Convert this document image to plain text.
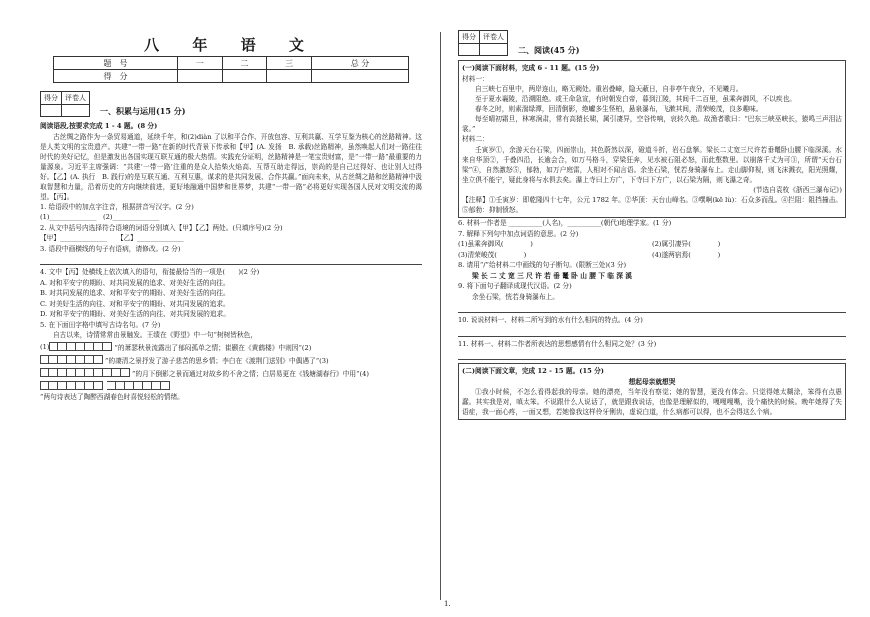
八 年 语 文
题　号	一	二	三	总 分
得　分				
得分	评卷人

一、积累与运用(15 分)

阅读语段,按要求完成 1 - 4 题。(8 分)

古丝绸之路作为一条贸易通道，延续千年，和(2)diàn 了以和平合作、开放包容、互利共赢、互学互鉴为核心的丝路精神。这是人类文明的宝贵遗产。共建“一带一路”在新的时代背景下传承和【甲】(A. 发扬　B. 承载)丝路精神，虽然唤起人们对一路往往时代的美好记忆，但是激发出各国实现互联互通的极大热情。实践充分证明，丝路精神是一笔宝贵财富，是“一带一路”最重要的力量源泉。习近平主席强调：“共建‘一带一路’注重的是众人拾柴火焰高、互帮互助走得远，崇尚的是自己过得好、也让别人过得好。【乙】(A. 执行　B. 践行)的是互联互通、互利互惠，谋求的是共同发展、合作共赢。”面向未来，从古丝绸之路和丝路精神中汲取智慧和力量，沿着历史的方向继续前进，更好地融通中国梦和世界梦，共建“一带一路”必将更好实现各国人民对文明交流的渴望。【丙】。

1. 给语段中的加点字注音，根据拼音写汉字。(2 分)

(1)______________　(2)______________

2. 从文中括号内选择符合语境的词语分别填入【甲】【乙】两处。(只填序号)(2 分)

【甲】______________　　【乙】______________

3. 语段中画横线的句子有语病，请修改。(2 分)

4. 文中【丙】处横线上依次填入的语句，衔接最恰当的一项是(　　)(2 分)

A. 对和平安宁的期盼、对共同发展的追求、对美好生活的向往。

B. 对共同发展的追求、对和平安宁的期盼、对美好生活的向往。

C. 对美好生活的向往、对和平安宁的期盼、对共同发展的追求。

D. 对和平安宁的期盼、对美好生活的向往、对共同发展的追求。

5. 在下面田字格中填写古诗名句。(7 分)

自古以来，诗情常常由景触发。王绩在《野望》中一句“树树皆秋色，

(1)	”的萧瑟秋景流露出了郁闷孤单之情；崔颢在《黄鹤楼》中则因“(2)
”的凄清之景抒发了游子悲苦的思乡情；李白在《渡荆门送别》中偶遇了“(3)
”的月下倒影之景而通过对故乡的不舍之情；白居易更在《钱塘湖春行》中用“(4)

”两句诗表达了陶醉西湖春色时喜悦轻松的情绪。

得分	评卷人

二、阅读(45 分)

(一)阅读下面材料，完成 6 - 11 题。(15 分)

材料一：

自三峡七百里中，两岸连山，略无阙处。重岩叠嶂，隐天蔽日，自非亭午夜分，不见曦月。

至于夏水襄陵，沿溯阻绝。或王命急宣，有时朝发白帝，暮到江陵，其间千二百里，虽乘奔御风，不以疾也。

春冬之时，则素湍绿潭，回清倒影，绝巘多生怪柏，悬泉瀑布，飞漱其间，清荣峻茂，良多趣味。

每至晴初霜旦，林寒涧肃，常有高猿长啸，属引凄异，空谷传响，哀转久绝。故渔者歌曰：“巴东三峡巫峡长，猿鸣三声泪沾裳。”

材料二：

壬寅岁①，余游天台石梁，四面崇山，其色蔚然以深，磴道斗折，岩石盘拏。梁长二丈宽三尺许若垂鼍卧山腰下临深溪。水来自华顶②，千叠四沿，长逾会合，如万马格斗，穿梁狂奔，见水被石阻必怒，而此壑数里。以崩落千丈为可③，所谓“天台石梁”④，自然激怒⑤，郁勃，如万户庭雷，人相对不闻言语。余坐石梁，恍若身骑瀑布上。走山脚仰视，则飞沫溅衣，阳光照耀，坐立俱不能宁，疑此身将与水俱去矣。瀑上寺曰上方广，下寺曰下方广，以石梁为隔，则飞瀑之奇。

(节选自袁枚《浙西三瀑布记》)

【注释】①壬寅岁：即乾隆四十七年，公元 1782 年。②华顶：天台山峰名。③噀啊(kē lù)：石众多而乱。④拦阻：阻挡撞击。⑤郁勃：抑制愤怒。

6. 材料一作者是 __________(人名)，__________(朝代)地理学家。(1 分)

7. 解释下列句中加点词语的意思。(2 分)

(1)虽乘奔御风(　　　　)	(2)属引凄异(　　　　)

(3)清荣峻茂(　　　　)	(4)遂两宿焉(　　　　)

8. 请用“/”给材料二中画线的句子断句。(限断三处)(3 分)

梁 长 二 丈 宽 三 尺 许 若 垂 鼍 卧 山 腰 下 临 深 溪

9. 将下面句子翻译成现代汉语。(2 分)

余坐石梁，恍若身骑瀑布上。

10. 说说材料一、材料二所写到的水有什么相同的特点。(4 分)

11. 材料一、材料二作者所表达的思想感情有什么相同之处？(3 分)

(二)阅读下面文章，完成 12 - 15 题。(15 分)

想起母亲就想哭

①我小时候，不怎么看得起我的母亲。她的漂亮，当年没有察觉；她的智慧，更没有体会。只觉得她太糊涂，笨得有点愚蠢。其实我是对，嗔太笨。不说跟什么人说话了，就是跟我说话，也像是理解似的，嘎嘎嘎嘴，没个痛快的时候。晚年她得了失语症，我一面心疼，一面又想，若她像我这样伶牙俐齿，虚说白道，什么病都可以得，也不会得这么个病。

1.
